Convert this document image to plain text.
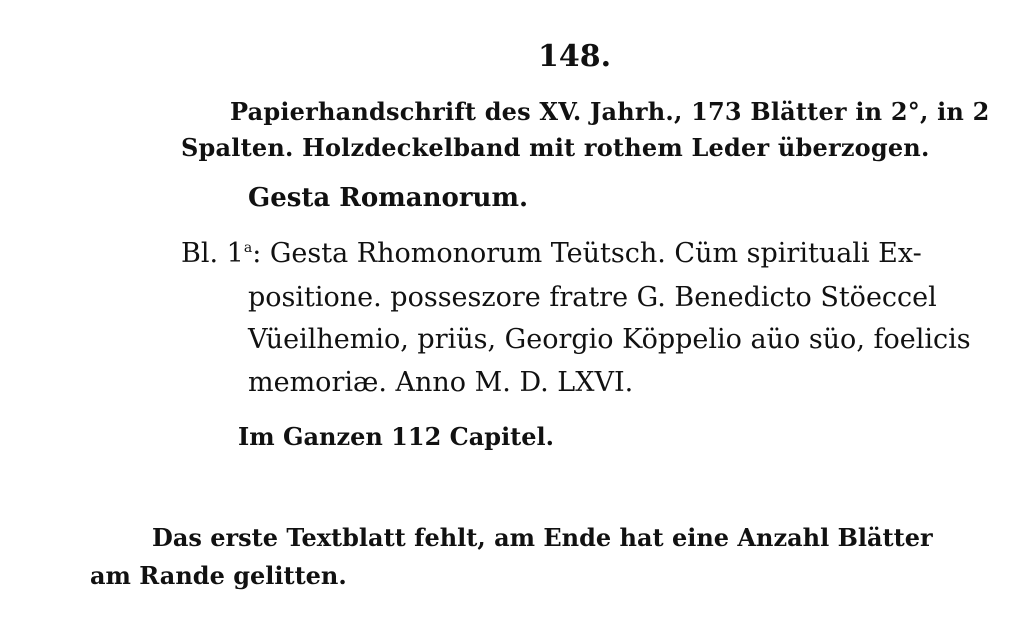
148.
Papierhandschrift des XV. Jahrh., 173 Blätter in 2°, in 2
Spalten. Holzdeckelband mit rothem Leder überzogen.
Gesta Romanorum.
Bl. 1$^a$: Gesta Rhomonorum Teütsch. Cüm spirituali Ex-
positione. posseszore fratre G. Benedicto Stöeccel
Vüeilhemio, priüs, Georgio Köppelio aüo süo, foelicis
memoriæ. Anno M. D. LXVI.
Im Ganzen 112 Capitel.
Das erste Textblatt fehlt, am Ende hat eine Anzahl Blätter
am Rande gelitten.
